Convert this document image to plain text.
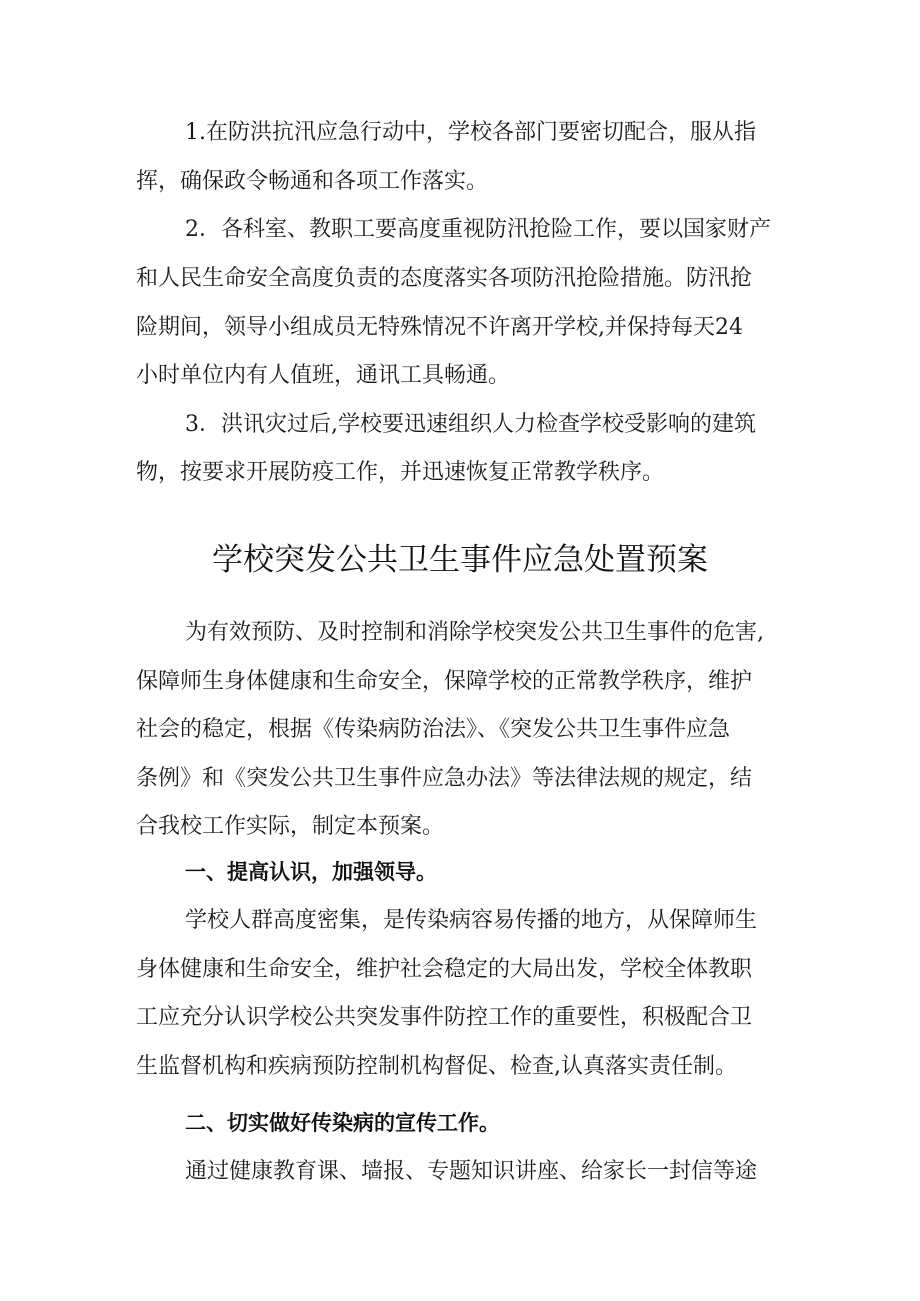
1.在防洪抗汛应急行动中，学校各部门要密切配合，服从指
挥，确保政令畅通和各项工作落实。
2．各科室、教职工要高度重视防汛抢险工作，要以国家财产
和人民生命安全高度负责的态度落实各项防汛抢险措施。防汛抢
险期间，领导小组成员无特殊情况不许离开学校,并保持每天24
小时单位内有人值班，通讯工具畅通。
3．洪讯灾过后,学校要迅速组织人力检查学校受影响的建筑
物，按要求开展防疫工作，并迅速恢复正常教学秩序。
学校突发公共卫生事件应急处置预案
为有效预防、及时控制和消除学校突发公共卫生事件的危害,
保障师生身体健康和生命安全，保障学校的正常教学秩序，维护
社会的稳定，根据《传染病防治法》、《突发公共卫生事件应急
条例》和《突发公共卫生事件应急办法》等法律法规的规定，结
合我校工作实际，制定本预案。
一、提高认识，加强领导。
学校人群高度密集，是传染病容易传播的地方，从保障师生
身体健康和生命安全，维护社会稳定的大局出发，学校全体教职
工应充分认识学校公共突发事件防控工作的重要性，积极配合卫
生监督机构和疾病预防控制机构督促、检查,认真落实责任制。
二、切实做好传染病的宣传工作。
通过健康教育课、墙报、专题知识讲座、给家长一封信等途
